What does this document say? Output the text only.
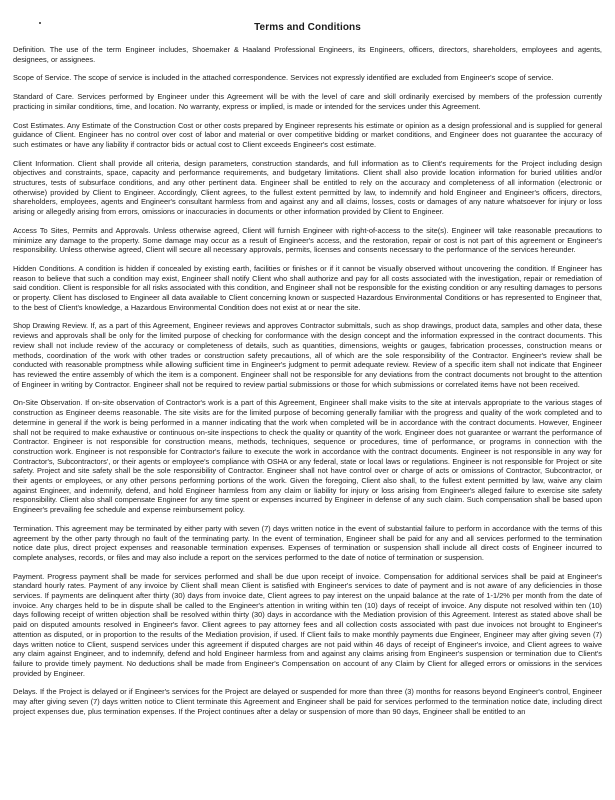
Terms and Conditions

Definition. The use of the term Engineer includes, Shoemaker & Haaland Professional Engineers, its Engineers, officers, directors, shareholders, employees and agents, designees, or assignees.

Scope of Service. The scope of service is included in the attached correspondence. Services not expressly identified are excluded from Engineer's scope of service.

Standard of Care. Services performed by Engineer under this Agreement will be with the level of care and skill ordinarily exercised by members of the profession currently practicing in similar conditions, time, and location. No warranty, express or implied, is made or intended for the services under this Agreement.

Cost Estimates. Any Estimate of the Construction Cost or other costs prepared by Engineer represents his estimate or opinion as a design professional and is supplied for general guidance of Client. Engineer has no control over cost of labor and material or over competitive bidding or market conditions, and Engineer does not guarantee the accuracy of such estimates or have any liability if contractor bids or actual cost to Client exceeds Engineer's cost estimate.

Client Information. Client shall provide all criteria, design parameters, construction standards, and full information as to Client's requirements for the Project including design objectives and constraints, space, capacity and performance requirements, and budgetary limitations. Client shall also provide location information for buried utilities and/or structures, tests of subsurface conditions, and any other pertinent data. Engineer shall be entitled to rely on the accuracy and completeness of all information (electronic or otherwise) provided by Client to Engineer. Accordingly, Client agrees, to the fullest extent permitted by law, to indemnify and hold Engineer and Engineer's officers, directors, shareholders, employees, agents and Engineer's consultant harmless from and against any and all claims, losses, costs or damages of any nature whatsoever for injury or loss arising or allegedly arising from errors, omissions or inaccuracies in documents or other information provided by Client to Engineer.

Access To Sites, Permits and Approvals. Unless otherwise agreed, Client will furnish Engineer with right-of-access to the site(s). Engineer will take reasonable precautions to minimize any damage to the property. Some damage may occur as a result of Engineer's access, and the restoration, repair or cost is not part of this agreement or Engineer's responsibility. Unless otherwise agreed, Client will secure all necessary approvals, permits, licenses and consents necessary to the performance of the services hereunder.

Hidden Conditions. A condition is hidden if concealed by existing earth, facilities or finishes or if it cannot be visually observed without uncovering the condition. If Engineer has reason to believe that such a condition may exist, Engineer shall notify Client who shall authorize and pay for all costs associated with the investigation, repair or remediation of said condition. Client is responsible for all risks associated with this condition, and Engineer shall not be responsible for the existing condition or any resulting damages to persons or property. Client has disclosed to Engineer all data available to Client concerning known or suspected Hazardous Environmental Conditions or has represented to Engineer that, to the best of Client's knowledge, a Hazardous Environmental Condition does not exist at or near the site.

Shop Drawing Review. If, as a part of this Agreement, Engineer reviews and approves Contractor submittals, such as shop drawings, product data, samples and other data, these reviews and approvals shall be only for the limited purpose of checking for conformance with the design concept and the information expressed in the contract documents. This review shall not include review of the accuracy or completeness of details, such as quantities, dimensions, weights or gauges, fabrication processes, construction means or methods, coordination of the work with other trades or construction safety precautions, all of which are the sole responsibility of the Contractor. Engineer's review shall be conducted with reasonable promptness while allowing sufficient time in Engineer's judgment to permit adequate review. Review of a specific item shall not indicate that Engineer has reviewed the entire assembly of which the item is a component. Engineer shall not be responsible for any deviations from the contract documents not brought to the attention of Engineer in writing by Contractor. Engineer shall not be required to review partial submissions or those for which submissions or correlated items have not been received.

On-Site Observation. If on-site observation of Contractor's work is a part of this Agreement, Engineer shall make visits to the site at intervals appropriate to the various stages of construction as Engineer deems reasonable. The site visits are for the limited purpose of becoming generally familiar with the progress and quality of the work completed and to determine in general if the work is being performed in a manner indicating that the work when completed will be in accordance with the contract documents. However, Engineer shall not be required to make exhaustive or continuous on-site inspections to check the quality or quantity of the work. Engineer does not guarantee or warrant the performance of Contractor. Engineer is not responsible for construction means, methods, techniques, sequence or procedures, time of performance, or programs in connection with the construction work. Engineer is not responsible for Contractor's failure to execute the work in accordance with the contract documents. Engineer is not responsible in any way for Contractor's, Subcontractors', or their agents or employee's compliance with OSHA or any federal, state or local laws or regulations. Engineer is not responsible for Project or site safety. Project and site safety shall be the sole responsibility of Contractor. Engineer shall not have control over or charge of acts or omissions of Contractor, Subcontractor, or their agents or employees, or any other persons performing portions of the work. Given the foregoing, Client also shall, to the fullest extent permitted by law, waive any claim against Engineer, and indemnify, defend, and hold Engineer harmless from any claim or liability for injury or loss arising from Engineer's alleged failure to exercise site safety responsibility. Client also shall compensate Engineer for any time spent or expenses incurred by Engineer in defense of any such claim. Such compensation shall be based upon Engineer's prevailing fee schedule and expense reimbursement policy.

Termination. This agreement may be terminated by either party with seven (7) days written notice in the event of substantial failure to perform in accordance with the terms of this agreement by the other party through no fault of the terminating party. In the event of termination, Engineer shall be paid for any and all services performed to the termination notice date plus, direct project expenses and reasonable termination expenses. Expenses of termination or suspension shall include all direct costs of Engineer incurred to complete analyses, records, or files and may also include a report on the services performed to the date of notice of termination or suspension.

Payment. Progress payment shall be made for services performed and shall be due upon receipt of invoice. Compensation for additional services shall be paid at Engineer's standard hourly rates. Payment of any invoice by Client shall mean Client is satisfied with Engineer's services to date of payment and is not aware of any deficiencies in those services. If payments are delinquent after thirty (30) days from invoice date, Client agrees to pay interest on the unpaid balance at the rate of 1-1/2% per month from the date of invoice. Any charges held to be in dispute shall be called to the Engineer's attention in writing within ten (10) days of receipt of invoice. Any dispute not resolved within ten (10) days following receipt of written objection shall be resolved within thirty (30) days in accordance with the Mediation provision of this Agreement. Interest as stated above shall be paid on disputed amounts resolved in Engineer's favor. Client agrees to pay attorney fees and all collection costs associated with past due invoices not brought to Engineer's attention as disputed, or in proportion to the results of the Mediation provision, if used. If Client fails to make monthly payments due Engineer, Engineer may after giving seven (7) days written notice to Client, suspend services under this agreement if disputed charges are not paid within 46 days of receipt of Engineer's invoice, and Client agrees to waive any claim against Engineer, and to indemnify, defend and hold Engineer harmless from and against any claims arising from Engineer's suspension or termination due to Client's failure to provide timely payment. No deductions shall be made from Engineer's Compensation on account of any Claim by Client for alleged errors or omissions in the services provided by Engineer.

Delays. If the Project is delayed or if Engineer's services for the Project are delayed or suspended for more than three (3) months for reasons beyond Engineer's control, Engineer may after giving seven (7) days written notice to Client terminate this Agreement and Engineer shall be paid for services performed to the termination notice date, including direct project expenses due, plus termination expenses. If the Project continues after a delay or suspension of more than 90 days, Engineer shall be entitled to an
